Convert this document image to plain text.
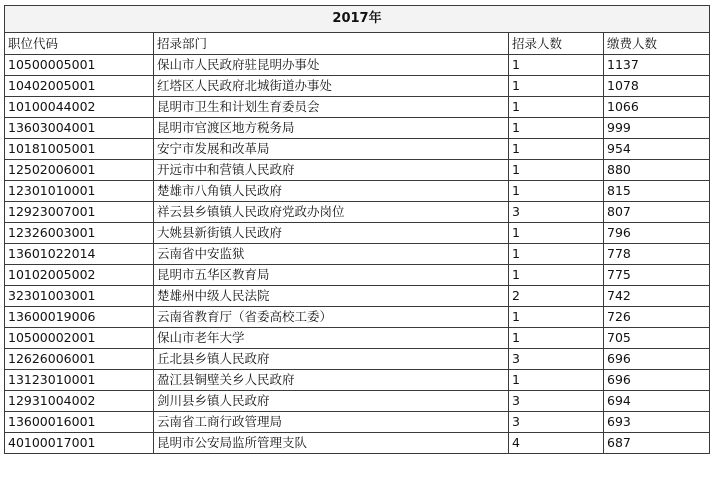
2017年			
职位代码	招录部门	招录人数	缴费人数
10500005001	保山市人民政府驻昆明办事处	1	1137
10402005001	红塔区人民政府北城街道办事处	1	1078
10100044002	昆明市卫生和计划生育委员会	1	1066
13603004001	昆明市官渡区地方税务局	1	999
10181005001	安宁市发展和改革局	1	954
12502006001	开远市中和营镇人民政府	1	880
12301010001	楚雄市八角镇人民政府	1	815
12923007001	祥云县乡镇镇人民政府党政办岗位	3	807
12326003001	大姚县新街镇人民政府	1	796
13601022014	云南省中安监狱	1	778
10102005002	昆明市五华区教育局	1	775
32301003001	楚雄州中级人民法院	2	742
13600019006	云南省教育厅（省委高校工委）	1	726
10500002001	保山市老年大学	1	705
12626006001	丘北县乡镇人民政府	3	696
13123010001	盈江县铜壁关乡人民政府	1	696
12931004002	剑川县乡镇人民政府	3	694
13600016001	云南省工商行政管理局	3	693
40100017001	昆明市公安局监所管理支队	4	687
